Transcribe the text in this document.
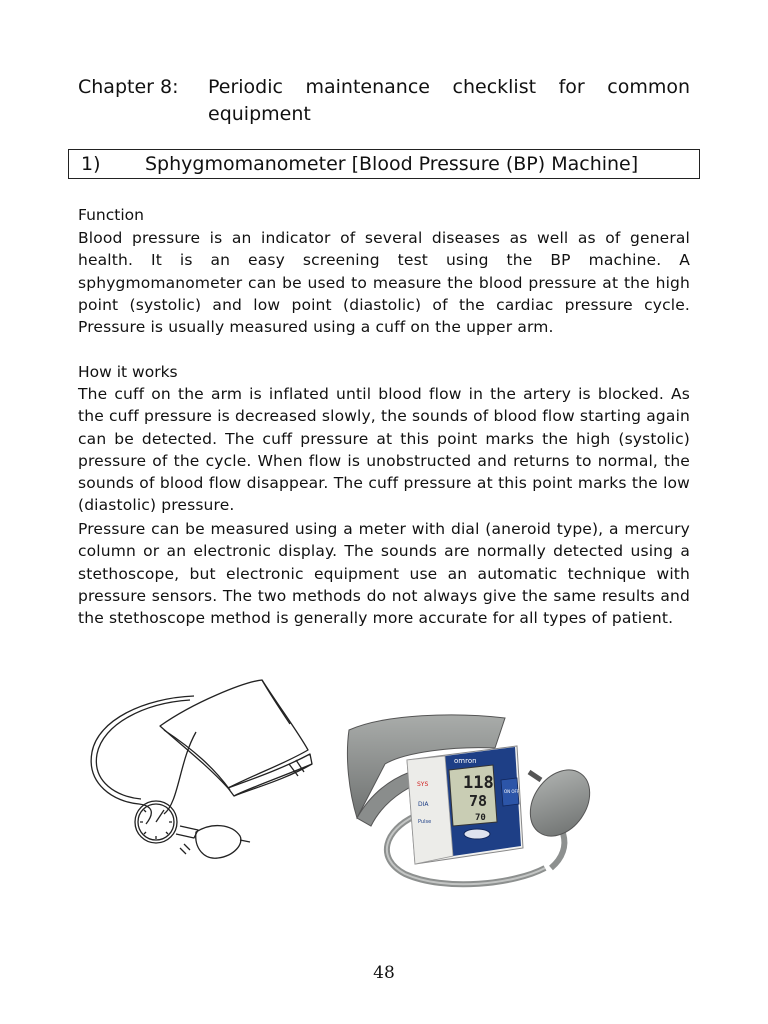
Chapter 8: Periodic maintenance checklist for common equipment
1) Sphygmomanometer [Blood Pressure (BP) Machine]
Function
Blood pressure is an indicator of several diseases as well as of general health. It is an easy screening test using the BP machine. A sphygmomanometer can be used to measure the blood pressure at the high point (systolic) and low point (diastolic) of the cardiac pressure cycle. Pressure is usually measured using a cuff on the upper arm.
How it works
The cuff on the arm is inflated until blood flow in the artery is blocked. As the cuff pressure is decreased slowly, the sounds of blood flow starting again can be detected. The cuff pressure at this point marks the high (systolic) pressure of the cycle. When flow is unobstructed and returns to normal, the sounds of blood flow disappear. The cuff pressure at this point marks the low (diastolic) pressure.
Pressure can be measured using a meter with dial (aneroid type), a mercury column or an electronic display. The sounds are normally detected using a stethoscope, but electronic equipment use an automatic technique with pressure sensors. The two methods do not always give the same results and the stethoscope method is generally more accurate for all types of patient.
omron
SYS
DIA
Pulse
118
78
70
ON OFF
48
